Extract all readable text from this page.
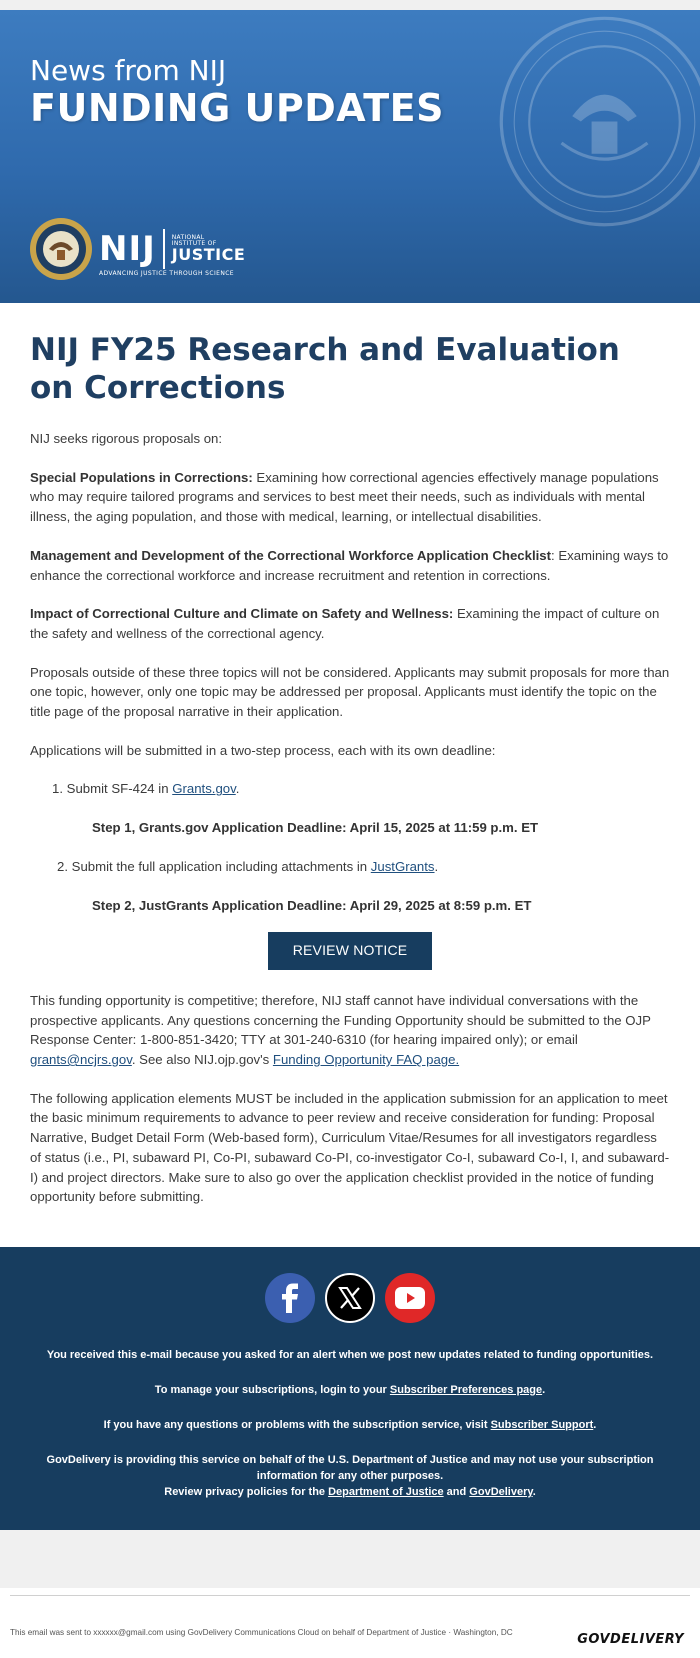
News from NIJ
FUNDING UPDATES
NIJ	NATIONAL
INSTITUTE OF
JUSTICE
ADVANCING JUSTICE THROUGH SCIENCE
NIJ FY25 Research and Evaluation on Corrections

NIJ seeks rigorous proposals on:

Special Populations in Corrections: Examining how correctional agencies effectively manage populations who may require tailored programs and services to best meet their needs, such as individuals with mental illness, the aging population, and those with medical, learning, or intellectual disabilities.

Management and Development of the Correctional Workforce Application Checklist: Examining ways to enhance the correctional workforce and increase recruitment and retention in corrections.

Impact of Correctional Culture and Climate on Safety and Wellness: Examining the impact of culture on the safety and wellness of the correctional agency.

Proposals outside of these three topics will not be considered. Applicants may submit proposals for more than one topic, however, only one topic may be addressed per proposal. Applicants must identify the topic on the title page of the proposal narrative in their application.

Applications will be submitted in a two-step process, each with its own deadline:

1. Submit SF-424 in Grants.gov.
Step 1, Grants.gov Application Deadline: April 15, 2025 at 11:59 p.m. ET
2. Submit the full application including attachments in JustGrants.
Step 2, JustGrants Application Deadline: April 29, 2025 at 8:59 p.m. ET
REVIEW NOTICE

This funding opportunity is competitive; therefore, NIJ staff cannot have individual conversations with the prospective applicants. Any questions concerning the Funding Opportunity should be submitted to the OJP Response Center: 1-800-851-3420; TTY at 301-240-6310 (for hearing impaired only); or email grants@ncjrs.gov. See also NIJ.ojp.gov's Funding Opportunity FAQ page.

The following application elements MUST be included in the application submission for an application to meet the basic minimum requirements to advance to peer review and receive consideration for funding: Proposal Narrative, Budget Detail Form (Web-based form), Curriculum Vitae/Resumes for all investigators regardless of status (i.e., PI, subaward PI, Co-PI, subaward Co-PI, co-investigator Co-I, subaward Co-I, I, and subaward-I) and project directors. Make sure to also go over the application checklist provided in the notice of funding opportunity before submitting.

You received this e-mail because you asked for an alert when we post new updates related to funding opportunities.

To manage your subscriptions, login to your Subscriber Preferences page.

If you have any questions or problems with the subscription service, visit Subscriber Support.

GovDelivery is providing this service on behalf of the U.S. Department of Justice and may not use your subscription information for any other purposes.
Review privacy policies for the Department of Justice and GovDelivery.

This email was sent to xxxxxx@gmail.com using GovDelivery Communications Cloud on behalf of Department of Justice · Washington, DC	GOVDELIVERY
